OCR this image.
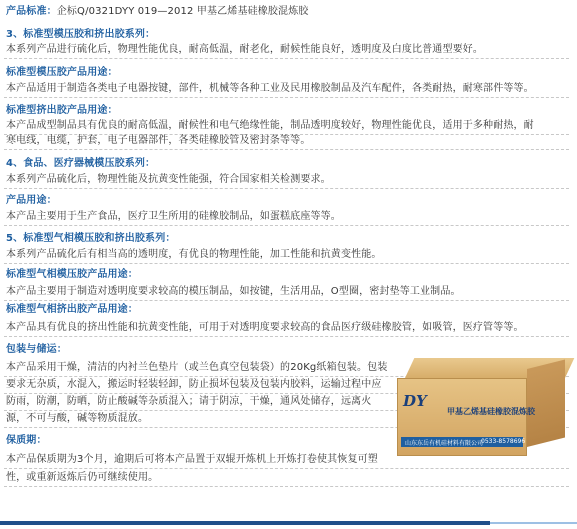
产品标准：企标Q/0321DYY 019—2012 甲基乙烯基硅橡胶混炼胶
3、标准型模压胶和挤出胶系列：
本系列产品进行硫化后，物理性能优良，耐高低温，耐老化，耐候性能良好，透明度及白度比普通型要好。
标准型模压胶产品用途：
本产品适用于制造各类电子电器按键，部件，机械等各种工业及民用橡胶制品及汽车配件，各类耐热，耐寒部件等等。
标准型挤出胶产品用途：
本产品成型制品具有优良的耐高低温，耐候性和电气绝缘性能，制品透明度较好，物理性能优良，适用于多种耐热，耐
寒电线，电缆，护套，电子电器部件，各类硅橡胶管及密封条等等。
4、食品、医疗器械模压胶系列：
本系列产品硫化后，物理性能及抗黄变性能强，符合国家相关检测要求。
产品用途：
本产品主要用于生产食品，医疗卫生所用的硅橡胶制品，如蛋糕底座等等。
5、标准型气相模压胶和挤出胶系列：
本系列产品硫化后有相当高的透明度，有优良的物理性能，加工性能和抗黄变性能。
标准型气相模压胶产品用途：
本产品主要用于制造对透明度要求较高的模压制品，如按键，生活用品，O型圈，密封垫等工业制品。
标准型气相挤出胶产品用途：
本产品具有优良的挤出性能和抗黄变性能，可用于对透明度要求较高的食品医疗级硅橡胶管，如吸管，医疗管等等。
包装与储运：
本产品采用干燥，清洁的内衬兰色垫片（或兰色真空包装袋）的20Kg纸箱包装。包装
要求无杂质，水混入，搬运时轻装轻卸，防止损坏包装及包装内胶料，运输过程中应
防雨，防潮，防晒，防止酸碱等杂质混入；请于阴凉，干燥，通风处储存，远离火
源，不可与酸，碱等物质混放。
保质期：
本产品保质期为3个月，逾期后可将本产品置于双辊开炼机上开炼打卷使其恢复可塑
性，或重新返炼后仍可继续使用。
DY
甲基乙烯基硅橡胶混炼胶
山东东岳有机硅材料有限公司
0533-8578696
